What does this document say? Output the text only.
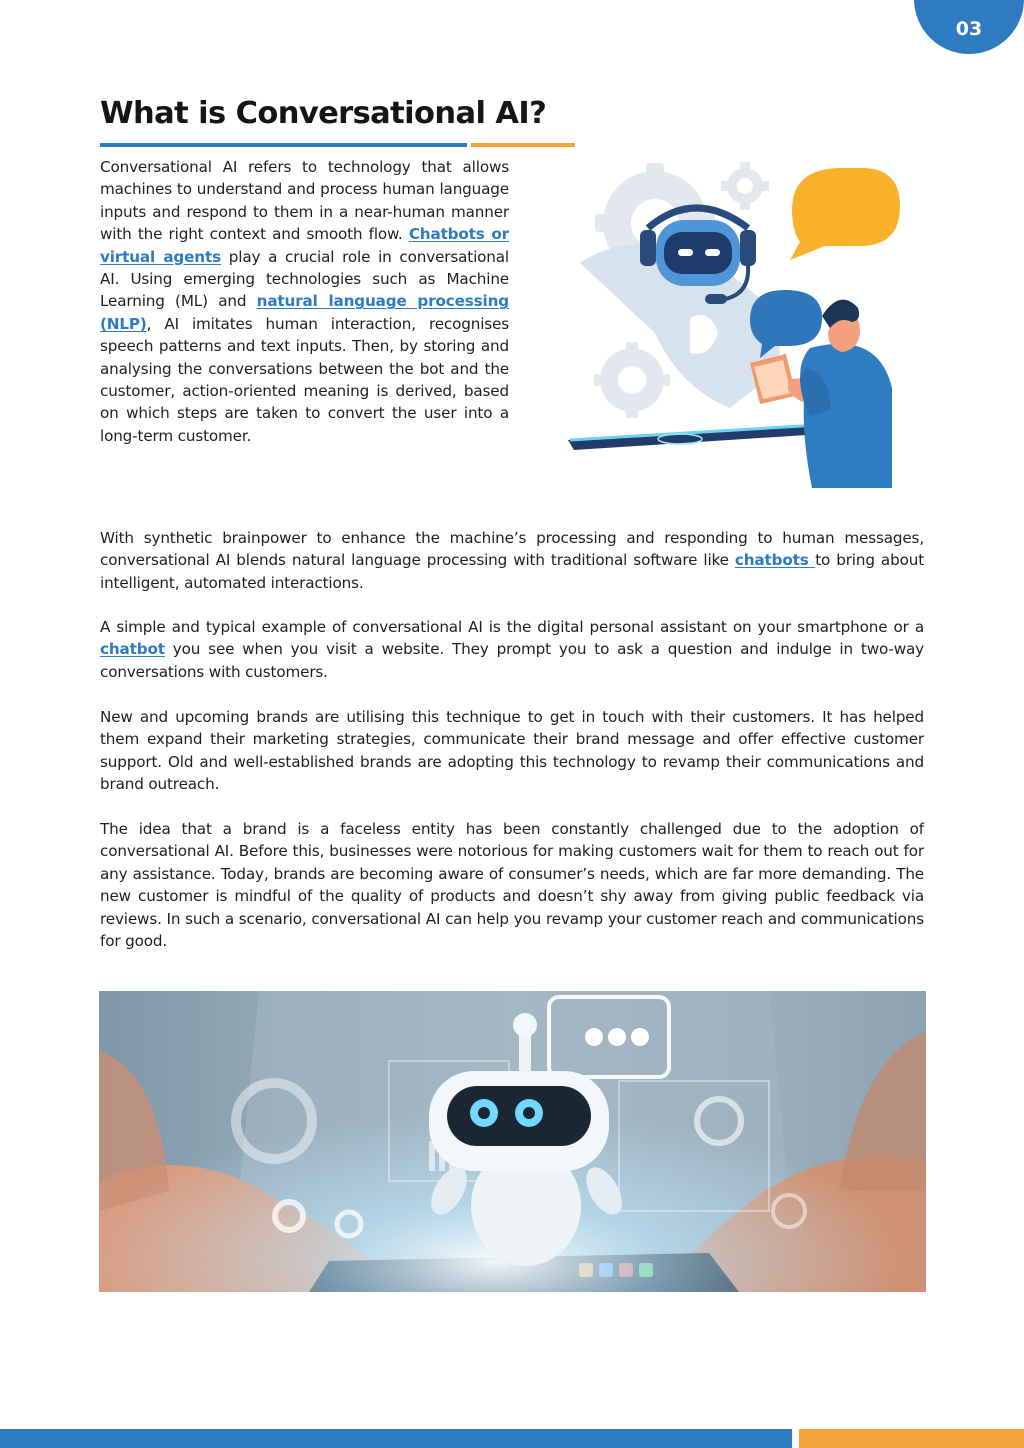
03
What is Conversational AI?

Conversational AI refers to technology that allows machines to understand and process human language inputs and respond to them in a near-human manner with the right context and smooth flow. Chatbots or virtual agents play a crucial role in conversational AI. Using emerging technologies such as Machine Learning (ML) and natural language processing (NLP), AI imitates human interaction, recognises speech patterns and text inputs. Then, by storing and analysing the conversations between the bot and the customer, action-oriented meaning is derived, based on which steps are taken to convert the user into a long-term customer.

With synthetic brainpower to enhance the machine’s processing and responding to human messages, conversational AI blends natural language processing with traditional software like chatbots to bring about intelligent, automated interactions.

A simple and typical example of conversational AI is the digital personal assistant on your smartphone or a chatbot you see when you visit a website. They prompt you to ask a question and indulge in two-way conversations with customers.

New and upcoming brands are utilising this technique to get in touch with their customers. It has helped them expand their marketing strategies, communicate their brand message and offer effective customer support. Old and well-established brands are adopting this technology to revamp their communications and brand outreach.

The idea that a brand is a faceless entity has been constantly challenged due to the adoption of conversational AI. Before this, businesses were notorious for making customers wait for them to reach out for any assistance. Today, brands are becoming aware of consumer’s needs, which are far more demanding. The new customer is mindful of the quality of products and doesn’t shy away from giving public feedback via reviews. In such a scenario, conversational AI can help you revamp your customer reach and communications for good.
